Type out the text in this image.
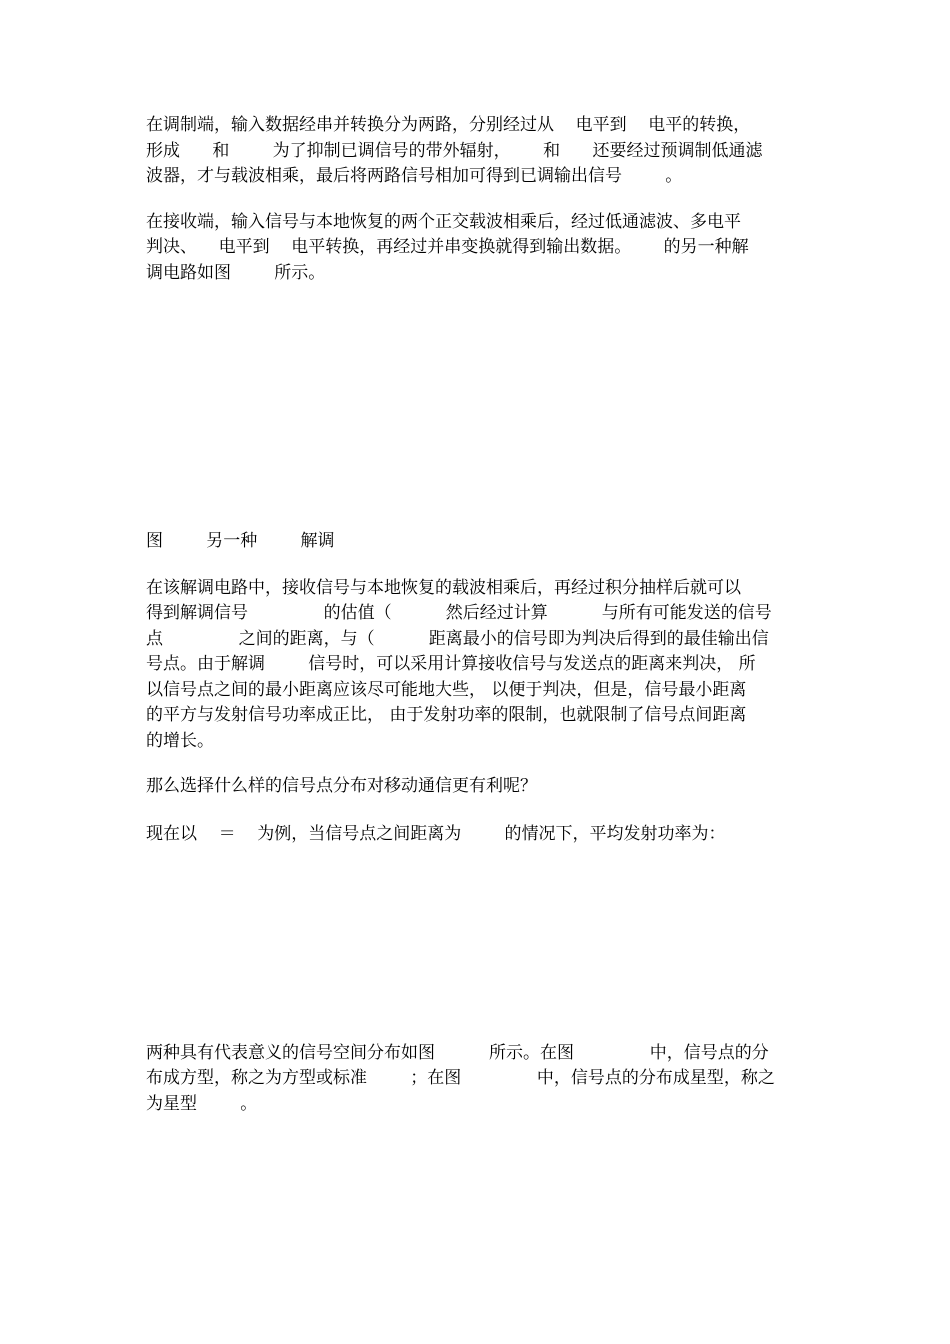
在调制端，输入数据经串并转换分为两路，分别经过从    电平到    电平的转换，

形成      和        为了抑制已调信号的带外辐射，      和      还要经过预调制低通滤

波器，才与载波相乘，最后将两路信号相加可得到已调输出信号        。

在接收端，输入信号与本地恢复的两个正交载波相乘后，经过低通滤波、多电平

判决、    电平到    电平转换，再经过并串变换就得到输出数据。      的另一种解

调电路如图        所示。

图        另一种        解调

在该解调电路中，接收信号与本地恢复的载波相乘后，再经过积分抽样后就可以

得到解调信号              的估值（          然后经过计算          与所有可能发送的信号

点              之间的距离，与（          距离最小的信号即为判决后得到的最佳输出信

号点。由于解调        信号时，可以采用计算接收信号与发送点的距离来判决， 所

以信号点之间的最小距离应该尽可能地大些， 以便于判决，但是，信号最小距离

的平方与发射信号功率成正比， 由于发射功率的限制，也就限制了信号点间距离

的增长。

那么选择什么样的信号点分布对移动通信更有利呢？

现在以    ＝    为例，当信号点之间距离为        的情况下，平均发射功率为：

两种具有代表意义的信号空间分布如图          所示。在图              中，信号点的分

布成方型，称之为方型或标准        ；在图              中，信号点的分布成星型，称之

为星型        。
